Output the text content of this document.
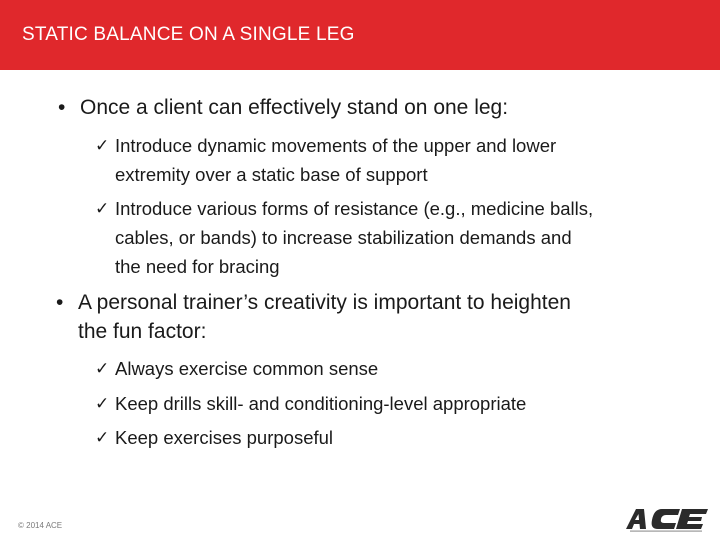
STATIC BALANCE ON A SINGLE LEG
• Once a client can effectively stand on one leg:
✓ Introduce dynamic movements of the upper and lower
extremity over a static base of support
✓ Introduce various forms of resistance (e.g., medicine balls,
cables, or bands) to increase stabilization demands and
the need for bracing
• A personal trainer’s creativity is important to heighten
the fun factor:
✓ Always exercise common sense
✓ Keep drills skill- and conditioning-level appropriate
✓ Keep exercises purposeful
© 2014 ACE
